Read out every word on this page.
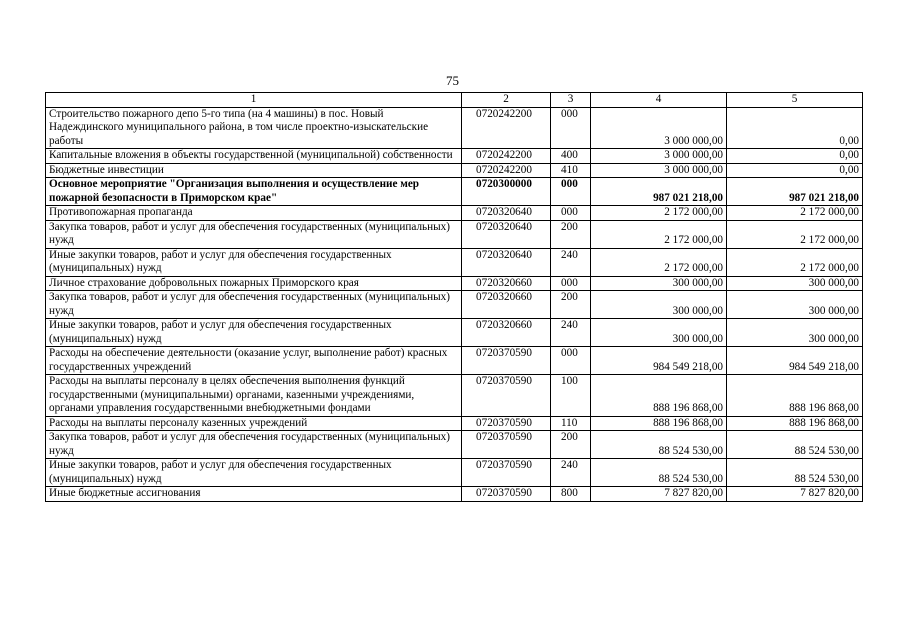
75
1	2	3	4	5
Строительство пожарного депо 5-го типа (на 4 машины) в пос. Новый Надеждинского муниципального района, в том числе проектно-изыскательские работы	0720242200	000	3 000 000,00	0,00
Капитальные вложения в объекты государственной (муниципальной) собственности	0720242200	400	3 000 000,00	0,00
Бюджетные инвестиции	0720242200	410	3 000 000,00	0,00
Основное мероприятие "Организация выполнения и осуществление мер пожарной безопасности в Приморском крае"	0720300000	000	987 021 218,00	987 021 218,00
Противопожарная пропаганда	0720320640	000	2 172 000,00	2 172 000,00
Закупка товаров, работ и услуг для обеспечения государственных (муниципальных) нужд	0720320640	200	2 172 000,00	2 172 000,00
Иные закупки товаров, работ и услуг для обеспечения государственных (муниципальных) нужд	0720320640	240	2 172 000,00	2 172 000,00
Личное страхование добровольных пожарных Приморского края	0720320660	000	300 000,00	300 000,00
Закупка товаров, работ и услуг для обеспечения государственных (муниципальных) нужд	0720320660	200	300 000,00	300 000,00
Иные закупки товаров, работ и услуг для обеспечения государственных (муниципальных) нужд	0720320660	240	300 000,00	300 000,00
Расходы на обеспечение деятельности (оказание услуг, выполнение работ) красных государственных учреждений	0720370590	000	984 549 218,00	984 549 218,00
Расходы на выплаты персоналу в целях обеспечения выполнения функций государственными (муниципальными) органами, казенными учреждениями, органами управления государственными внебюджетными фондами	0720370590	100	888 196 868,00	888 196 868,00
Расходы на выплаты персоналу казенных учреждений	0720370590	110	888 196 868,00	888 196 868,00
Закупка товаров, работ и услуг для обеспечения государственных (муниципальных) нужд	0720370590	200	88 524 530,00	88 524 530,00
Иные закупки товаров, работ и услуг для обеспечения государственных (муниципальных) нужд	0720370590	240	88 524 530,00	88 524 530,00
Иные бюджетные ассигнования	0720370590	800	7 827 820,00	7 827 820,00
